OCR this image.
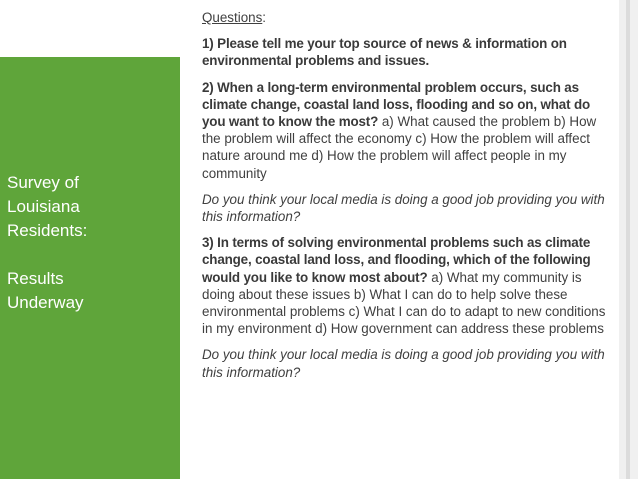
Survey of
Louisiana
Residents:
Results
Underway

Questions:

1) Please tell me your top source of news & information on environmental problems and issues.

2) When a long-term environmental problem occurs, such as climate change, coastal land loss, flooding and so on, what do you want to know the most? a) What caused the problem b) How the problem will affect the economy c) How the problem will affect nature around me d) How the problem will affect people in my community

Do you think your local media is doing a good job providing you with this information?

3) In terms of solving environmental problems such as climate change, coastal land loss, and flooding, which of the following would you like to know most about? a) What my community is doing about these issues b) What I can do to help solve these environmental problems c) What I can do to adapt to new conditions in my environment d) How government can address these problems

Do you think your local media is doing a good job providing you with this information?
